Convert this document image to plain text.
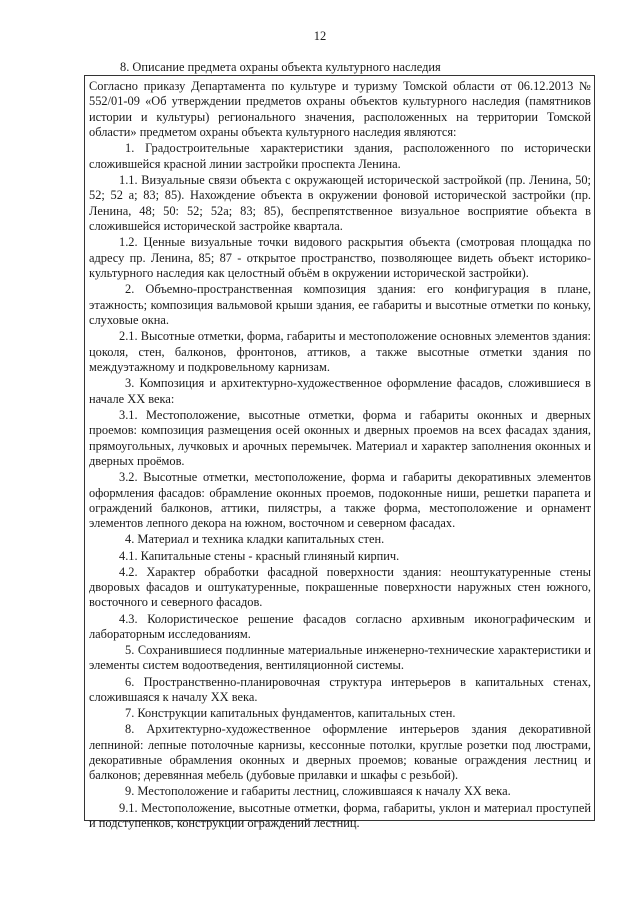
12
8. Описание предмета охраны объекта культурного наследия

Согласно приказу Департамента по культуре и туризму Томской области от 06.12.2013 № 552/01-09 «Об утверждении предметов охраны объектов культурного наследия (памятников истории и культуры) регионального значения, расположенных на территории Томской области» предметом охраны объекта культурного наследия являются:

1. Градостроительные характеристики здания, расположенного по исторически сложившейся красной линии застройки проспекта Ленина.

1.1. Визуальные связи объекта с окружающей исторической застройкой (пр. Ленина, 50; 52; 52 а; 83; 85). Нахождение объекта в окружении фоновой исторической застройки (пр. Ленина, 48; 50: 52; 52а; 83; 85), беспрепятственное визуальное восприятие объекта в сложившейся исторической застройке квартала.

1.2. Ценные визуальные точки видового раскрытия объекта (смотровая площадка по адресу пр. Ленина, 85; 87 - открытое пространство, позволяющее видеть объект историко-культурного наследия как целостный объём в окружении исторической застройки).

2. Объемно-пространственная композиция здания: его конфигурация в плане, этажность; композиция вальмовой крыши здания, ее габариты и высотные отметки по коньку, слуховые окна.

2.1. Высотные отметки, форма, габариты и местоположение основных элементов здания: цоколя, стен, балконов, фронтонов, аттиков, а также высотные отметки здания по междуэтажному и подкровельному карнизам.

3. Композиция и архитектурно-художественное оформление фасадов, сложившиеся в начале XX века:

3.1. Местоположение, высотные отметки, форма и габариты оконных и дверных проемов: композиция размещения осей оконных и дверных проемов на всех фасадах здания, прямоугольных, лучковых и арочных перемычек. Материал и характер заполнения оконных и дверных проёмов.

3.2. Высотные отметки, местоположение, форма и габариты декоративных элементов оформления фасадов: обрамление оконных проемов, подоконные ниши, решетки парапета и ограждений балконов, аттики, пилястры, а также форма, местоположение и орнамент элементов лепного декора на южном, восточном и северном фасадах.

4. Материал и техника кладки капитальных стен.

4.1. Капитальные стены - красный глиняный кирпич.

4.2. Характер обработки фасадной поверхности здания: неоштукатуренные стены дворовых фасадов и оштукатуренные, покрашенные поверхности наружных стен южного, восточного и северного фасадов.

4.3. Колористическое решение фасадов согласно архивным иконографическим и лабораторным исследованиям.

5. Сохранившиеся подлинные материальные инженерно-технические характеристики и элементы систем водоотведения, вентиляционной системы.

6. Пространственно-планировочная структура интерьеров в капитальных стенах, сложившаяся к началу XX века.

7. Конструкции капитальных фундаментов, капитальных стен.

8. Архитектурно-художественное оформление интерьеров здания декоративной лепниной: лепные потолочные карнизы, кессонные потолки, круглые розетки под люстрами, декоративные обрамления оконных и дверных проемов; кованые ограждения лестниц и балконов; деревянная мебель (дубовые прилавки и шкафы с резьбой).

9. Местоположение и габариты лестниц, сложившаяся к началу XX века.

9.1. Местоположение, высотные отметки, форма, габариты, уклон и материал проступей и подступенков, конструкции ограждений лестниц.
